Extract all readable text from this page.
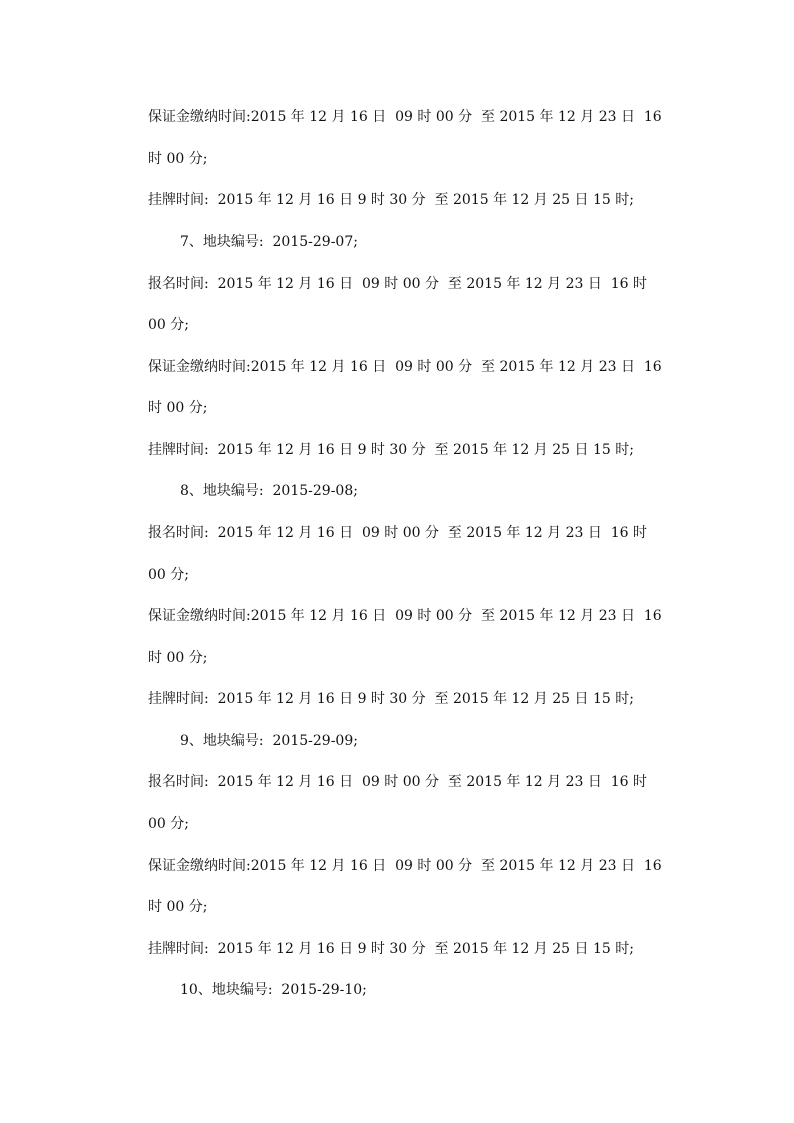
保证金缴纳时间:2015 年 12 月 16 日  09 时 00 分  至 2015 年 12 月 23 日  16
时 00 分;
挂牌时间:  2015 年 12 月 16 日 9 时 30 分  至 2015 年 12 月 25 日 15 时;
7、地块编号:  2015-29-07;
报名时间:  2015 年 12 月 16 日  09 时 00 分  至 2015 年 12 月 23 日  16 时
00 分;
保证金缴纳时间:2015 年 12 月 16 日  09 时 00 分  至 2015 年 12 月 23 日  16
时 00 分;
挂牌时间:  2015 年 12 月 16 日 9 时 30 分  至 2015 年 12 月 25 日 15 时;
8、地块编号:  2015-29-08;
报名时间:  2015 年 12 月 16 日  09 时 00 分  至 2015 年 12 月 23 日  16 时
00 分;
保证金缴纳时间:2015 年 12 月 16 日  09 时 00 分  至 2015 年 12 月 23 日  16
时 00 分;
挂牌时间:  2015 年 12 月 16 日 9 时 30 分  至 2015 年 12 月 25 日 15 时;
9、地块编号:  2015-29-09;
报名时间:  2015 年 12 月 16 日  09 时 00 分  至 2015 年 12 月 23 日  16 时
00 分;
保证金缴纳时间:2015 年 12 月 16 日  09 时 00 分  至 2015 年 12 月 23 日  16
时 00 分;
挂牌时间:  2015 年 12 月 16 日 9 时 30 分  至 2015 年 12 月 25 日 15 时;
10、地块编号:  2015-29-10;
